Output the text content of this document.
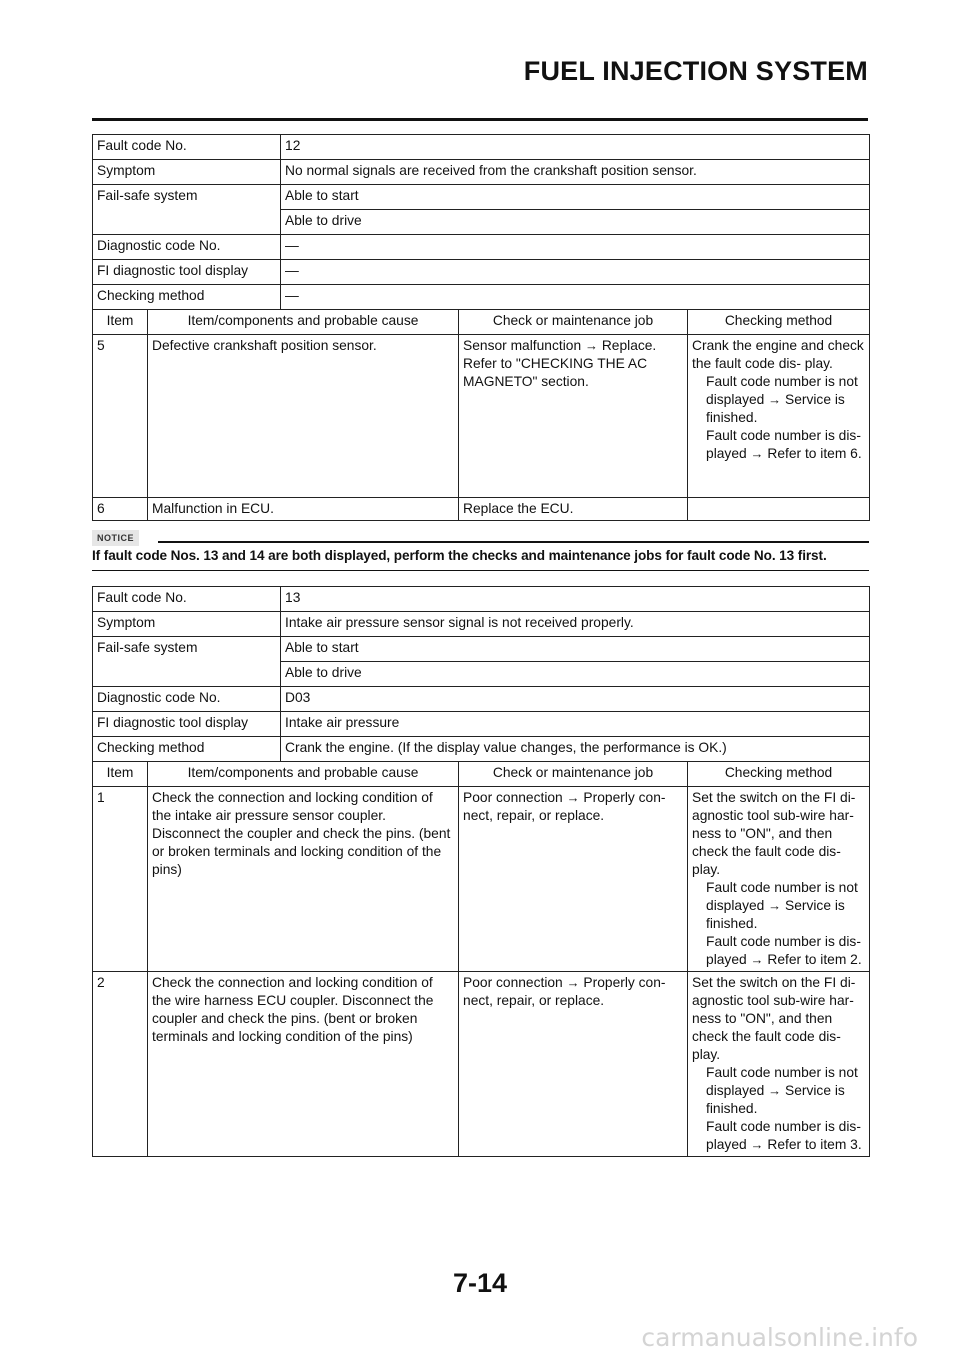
FUEL INJECTION SYSTEM
Fault code No.		12		
Symptom		No normal signals are received from the crankshaft position sensor.		
Fail-safe system		Able to start		
		Able to drive		
Diagnostic code No.		—		
FI diagnostic tool display		—		
Checking method		—		
Item	Item/components and probable cause		Check or maintenance job	Checking method
5	Defective crankshaft position sensor.		Sensor malfunction → Replace. Refer to "CHECKING THE AC MAGNETO" section.	Crank the engine and check the fault code dis- play.
Fault code number is not displayed → Service is finished.
Fault code number is dis- played → Refer to item 6.

6	Malfunction in ECU.		Replace the ECU.	
NOTICE
If fault code Nos. 13 and 14 are both displayed, perform the checks and maintenance jobs for fault code No. 13 first.
Fault code No.		13		
Symptom		Intake air pressure sensor signal is not received properly.		
Fail-safe system		Able to start		
		Able to drive		
Diagnostic code No.		D03		
FI diagnostic tool display		Intake air pressure		
Checking method		Crank the engine. (If the display value changes, the performance is OK.)		
Item	Item/components and probable cause		Check or maintenance job	Checking method
1	Check the connection and locking condition of the intake air pressure sensor coupler. Disconnect the coupler and check the pins. (bent or broken terminals and locking condition of the pins)		Poor connection → Properly con- nect, repair, or replace.	Set the switch on the FI di- agnostic tool sub-wire har- ness to "ON", and then check the fault code dis- play.
Fault code number is not displayed → Service is finished.
Fault code number is dis- played → Refer to item 2.

2	Check the connection and locking condition of the wire harness ECU coupler. Disconnect the coupler and check the pins. (bent or broken terminals and locking condition of the pins)		Poor connection → Properly con- nect, repair, or replace.	Set the switch on the FI di- agnostic tool sub-wire har- ness to "ON", and then check the fault code dis- play.
Fault code number is not displayed → Service is finished.
Fault code number is dis- played → Refer to item 3.
7-14
carmanualsonline.info
